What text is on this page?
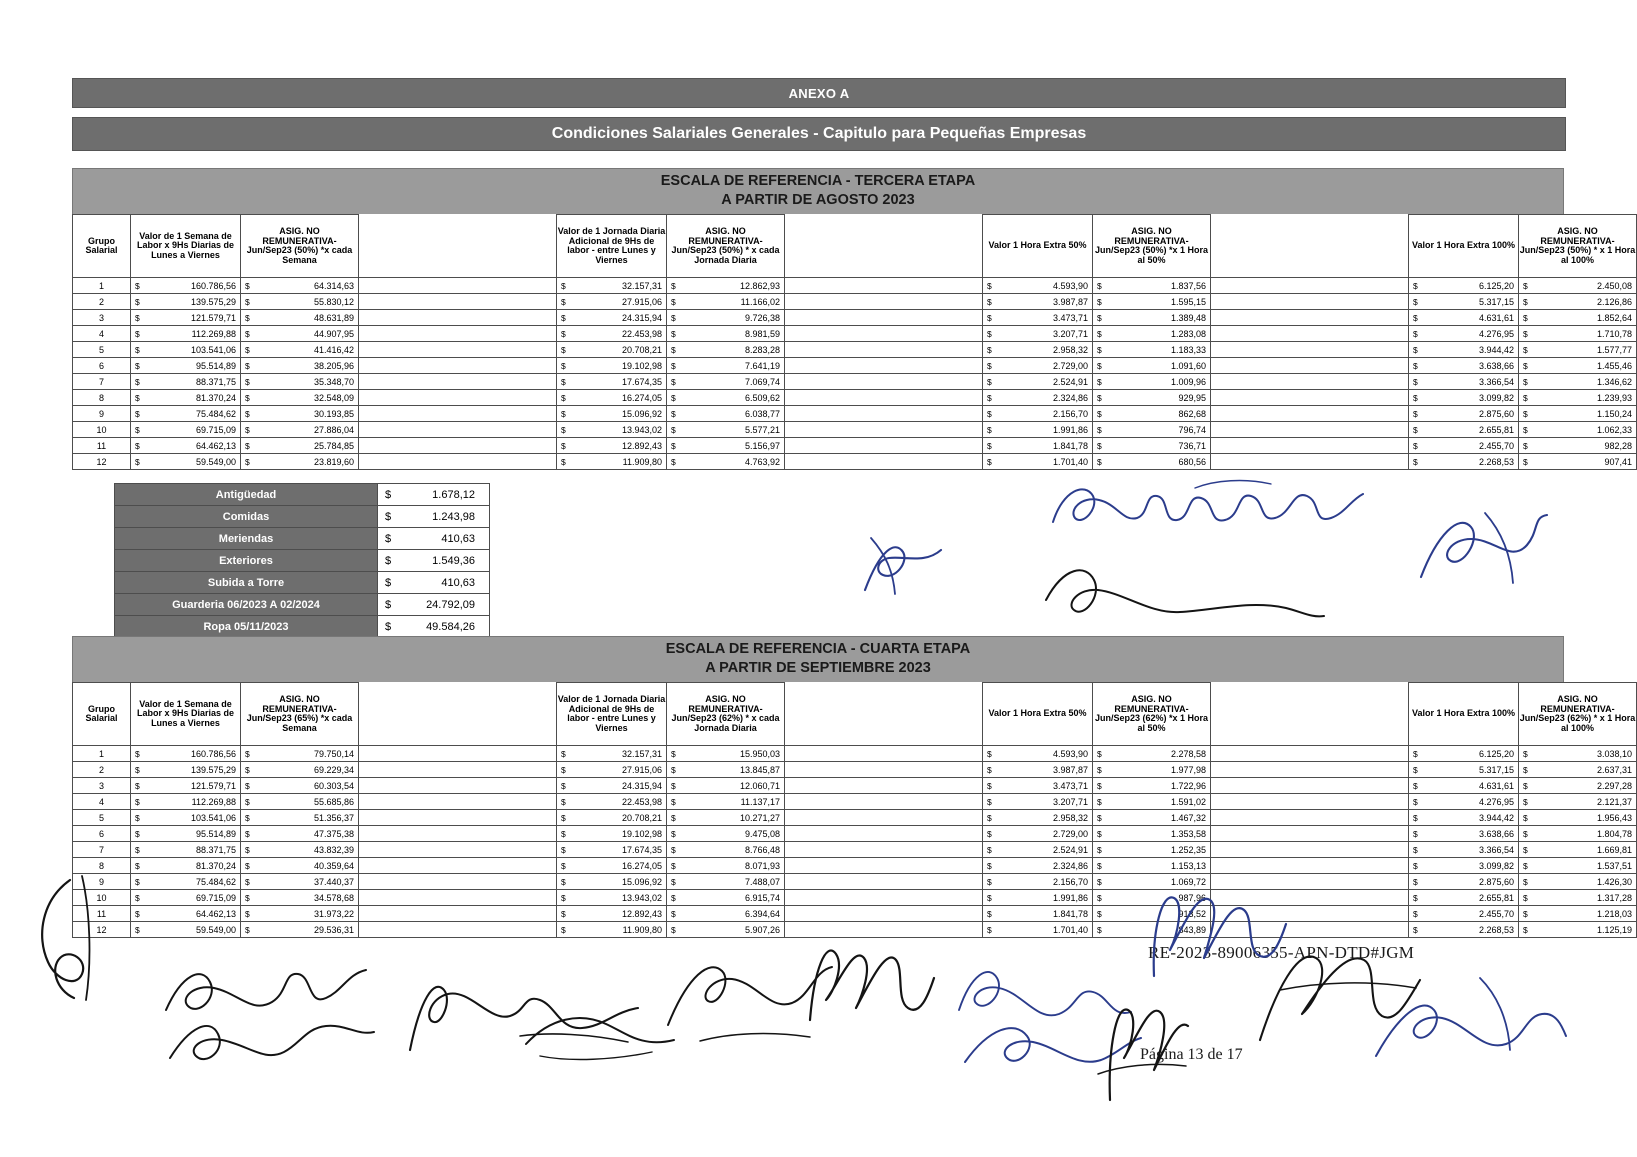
ANEXO A
Condiciones Salariales Generales - Capitulo para Pequeñas Empresas
ESCALA DE REFERENCIA - TERCERA ETAPA
A PARTIR DE AGOSTO 2023
Grupo Salarial	Valor de 1 Semana de Labor x 9Hs Diarias de Lunes a Viernes	ASIG. NO REMUNERATIVA- Jun/Sep23 (50%) *x cada Semana		Valor de 1 Jornada Diaria Adicional de 9Hs de labor - entre Lunes y Viernes	ASIG. NO REMUNERATIVA- Jun/Sep23 (50%) * x cada Jornada Diaria		Valor 1 Hora Extra 50%	ASIG. NO REMUNERATIVA- Jun/Sep23 (50%) *x 1 Hora al 50%		Valor 1 Hora Extra 100%	ASIG. NO REMUNERATIVA- Jun/Sep23 (50%) * x 1 Hora al 100%
1	$ 160.786,56	$ 64.314,63		$ 32.157,31	$ 12.862,93		$ 4.593,90	$ 1.837,56		$ 6.125,20	$ 2.450,08

2	$ 139.575,29	$ 55.830,12		$ 27.915,06	$ 11.166,02		$ 3.987,87	$ 1.595,15		$ 5.317,15	$ 2.126,86

3	$ 121.579,71	$ 48.631,89		$ 24.315,94	$ 9.726,38		$ 3.473,71	$ 1.389,48		$ 4.631,61	$ 1.852,64

4	$ 112.269,88	$ 44.907,95		$ 22.453,98	$ 8.981,59		$ 3.207,71	$ 1.283,08		$ 4.276,95	$ 1.710,78

5	$ 103.541,06	$ 41.416,42		$ 20.708,21	$ 8.283,28		$ 2.958,32	$ 1.183,33		$ 3.944,42	$ 1.577,77

6	$ 95.514,89	$ 38.205,96		$ 19.102,98	$ 7.641,19		$ 2.729,00	$ 1.091,60		$ 3.638,66	$ 1.455,46

7	$ 88.371,75	$ 35.348,70		$ 17.674,35	$ 7.069,74		$ 2.524,91	$ 1.009,96		$ 3.366,54	$ 1.346,62

8	$ 81.370,24	$ 32.548,09		$ 16.274,05	$ 6.509,62		$ 2.324,86	$ 929,95		$ 3.099,82	$ 1.239,93

9	$ 75.484,62	$ 30.193,85		$ 15.096,92	$ 6.038,77		$ 2.156,70	$ 862,68		$ 2.875,60	$ 1.150,24

10	$ 69.715,09	$ 27.886,04		$ 13.943,02	$ 5.577,21		$ 1.991,86	$ 796,74		$ 2.655,81	$ 1.062,33

11	$ 64.462,13	$ 25.784,85		$ 12.892,43	$ 5.156,97		$ 1.841,78	$ 736,71		$ 2.455,70	$ 982,28

12	$ 59.549,00	$ 23.819,60		$ 11.909,80	$ 4.763,92		$ 1.701,40	$ 680,56		$ 2.268,53	$ 907,41
Antigüedad	$ 1.678,12

Comidas	$ 1.243,98

Meriendas	$ 410,63

Exteriores	$ 1.549,36

Subida a Torre	$ 410,63

Guarderia 06/2023 A 02/2024	$ 24.792,09

Ropa 05/11/2023	$ 49.584,26
ESCALA DE REFERENCIA - CUARTA ETAPA
A PARTIR DE SEPTIEMBRE 2023
Grupo Salarial	Valor de 1 Semana de Labor x 9Hs Diarias de Lunes a Viernes	ASIG. NO REMUNERATIVA- Jun/Sep23 (65%) *x cada Semana		Valor de 1 Jornada Diaria Adicional de 9Hs de labor - entre Lunes y Viernes	ASIG. NO REMUNERATIVA- Jun/Sep23 (62%) * x cada Jornada Diaria		Valor 1 Hora Extra 50%	ASIG. NO REMUNERATIVA- Jun/Sep23 (62%) *x 1 Hora al 50%		Valor 1 Hora Extra 100%	ASIG. NO REMUNERATIVA- Jun/Sep23 (62%) * x 1 Hora al 100%
1	$ 160.786,56	$ 79.750,14		$ 32.157,31	$ 15.950,03		$ 4.593,90	$ 2.278,58		$ 6.125,20	$ 3.038,10

2	$ 139.575,29	$ 69.229,34		$ 27.915,06	$ 13.845,87		$ 3.987,87	$ 1.977,98		$ 5.317,15	$ 2.637,31

3	$ 121.579,71	$ 60.303,54		$ 24.315,94	$ 12.060,71		$ 3.473,71	$ 1.722,96		$ 4.631,61	$ 2.297,28

4	$ 112.269,88	$ 55.685,86		$ 22.453,98	$ 11.137,17		$ 3.207,71	$ 1.591,02		$ 4.276,95	$ 2.121,37

5	$ 103.541,06	$ 51.356,37		$ 20.708,21	$ 10.271,27		$ 2.958,32	$ 1.467,32		$ 3.944,42	$ 1.956,43

6	$ 95.514,89	$ 47.375,38		$ 19.102,98	$ 9.475,08		$ 2.729,00	$ 1.353,58		$ 3.638,66	$ 1.804,78

7	$ 88.371,75	$ 43.832,39		$ 17.674,35	$ 8.766,48		$ 2.524,91	$ 1.252,35		$ 3.366,54	$ 1.669,81

8	$ 81.370,24	$ 40.359,64		$ 16.274,05	$ 8.071,93		$ 2.324,86	$ 1.153,13		$ 3.099,82	$ 1.537,51

9	$ 75.484,62	$ 37.440,37		$ 15.096,92	$ 7.488,07		$ 2.156,70	$ 1.069,72		$ 2.875,60	$ 1.426,30

10	$ 69.715,09	$ 34.578,68		$ 13.943,02	$ 6.915,74		$ 1.991,86	$ 987,96		$ 2.655,81	$ 1.317,28

11	$ 64.462,13	$ 31.973,22		$ 12.892,43	$ 6.394,64		$ 1.841,78	$ 913,52		$ 2.455,70	$ 1.218,03

12	$ 59.549,00	$ 29.536,31		$ 11.909,80	$ 5.907,26		$ 1.701,40	$ 843,89		$ 2.268,53	$ 1.125,19
RE-2023-89006355-APN-DTD#JGM
Página 13 de 17
